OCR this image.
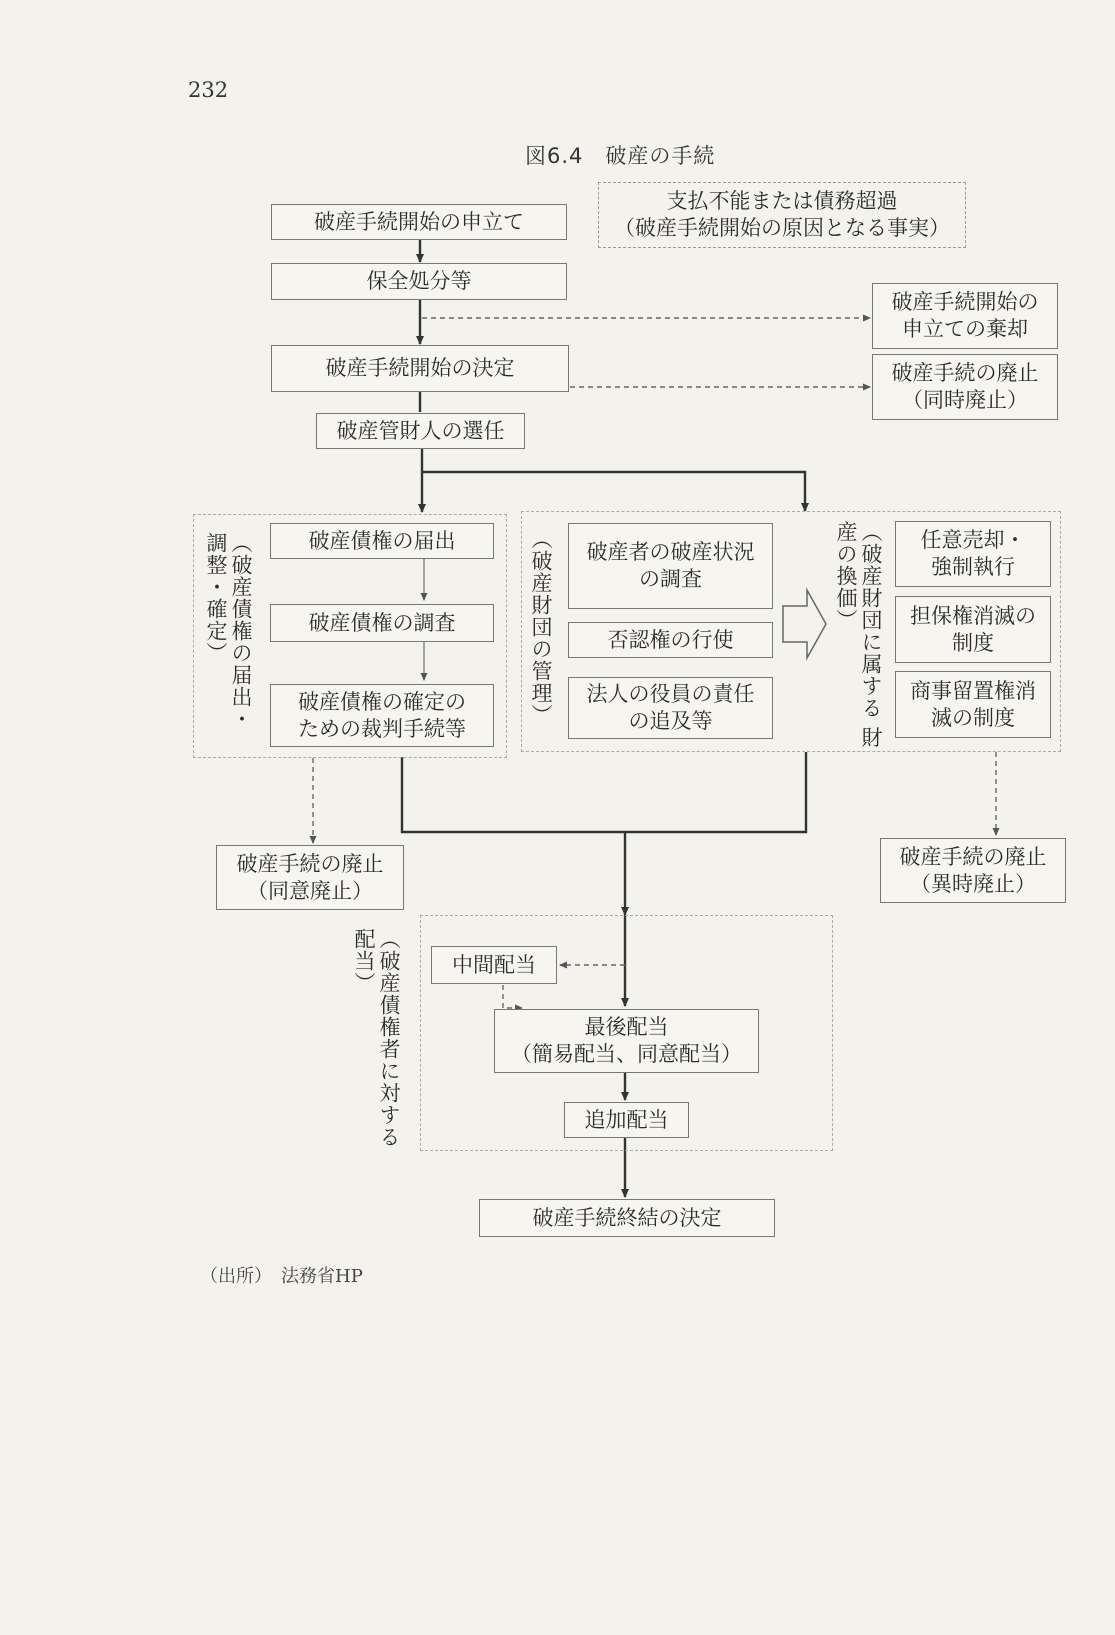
232
図6.4　破産の手続
支払不能または債務超過
（破産手続開始の原因となる事実）
破産手続開始の申立て
保全処分等
破産手続開始の
申立ての棄却
破産手続開始の決定	破産手続の廃止
（同時廃止）
破産管財人の選任
破産債権の届出
破産債権の調査
破産債権の確定の
ための裁判手続等
破産者の破産状況
の調査
否認権の行使
法人の役員の責任
の追及等
任意売却・
強制執行
担保権消滅の
制度
商事留置権消
滅の制度
破産手続の廃止
（同意廃止）
破産手続の廃止
（異時廃止）
中間配当
最後配当
（簡易配当、同意配当）
追加配当
破産手続終結の決定
（破産債権の届出・ 調整・確定）	（破産財団の管理）	（破産財団に属する 財産の換価）
（破産債権者に対する 配当）
（出所）　法務省HP
